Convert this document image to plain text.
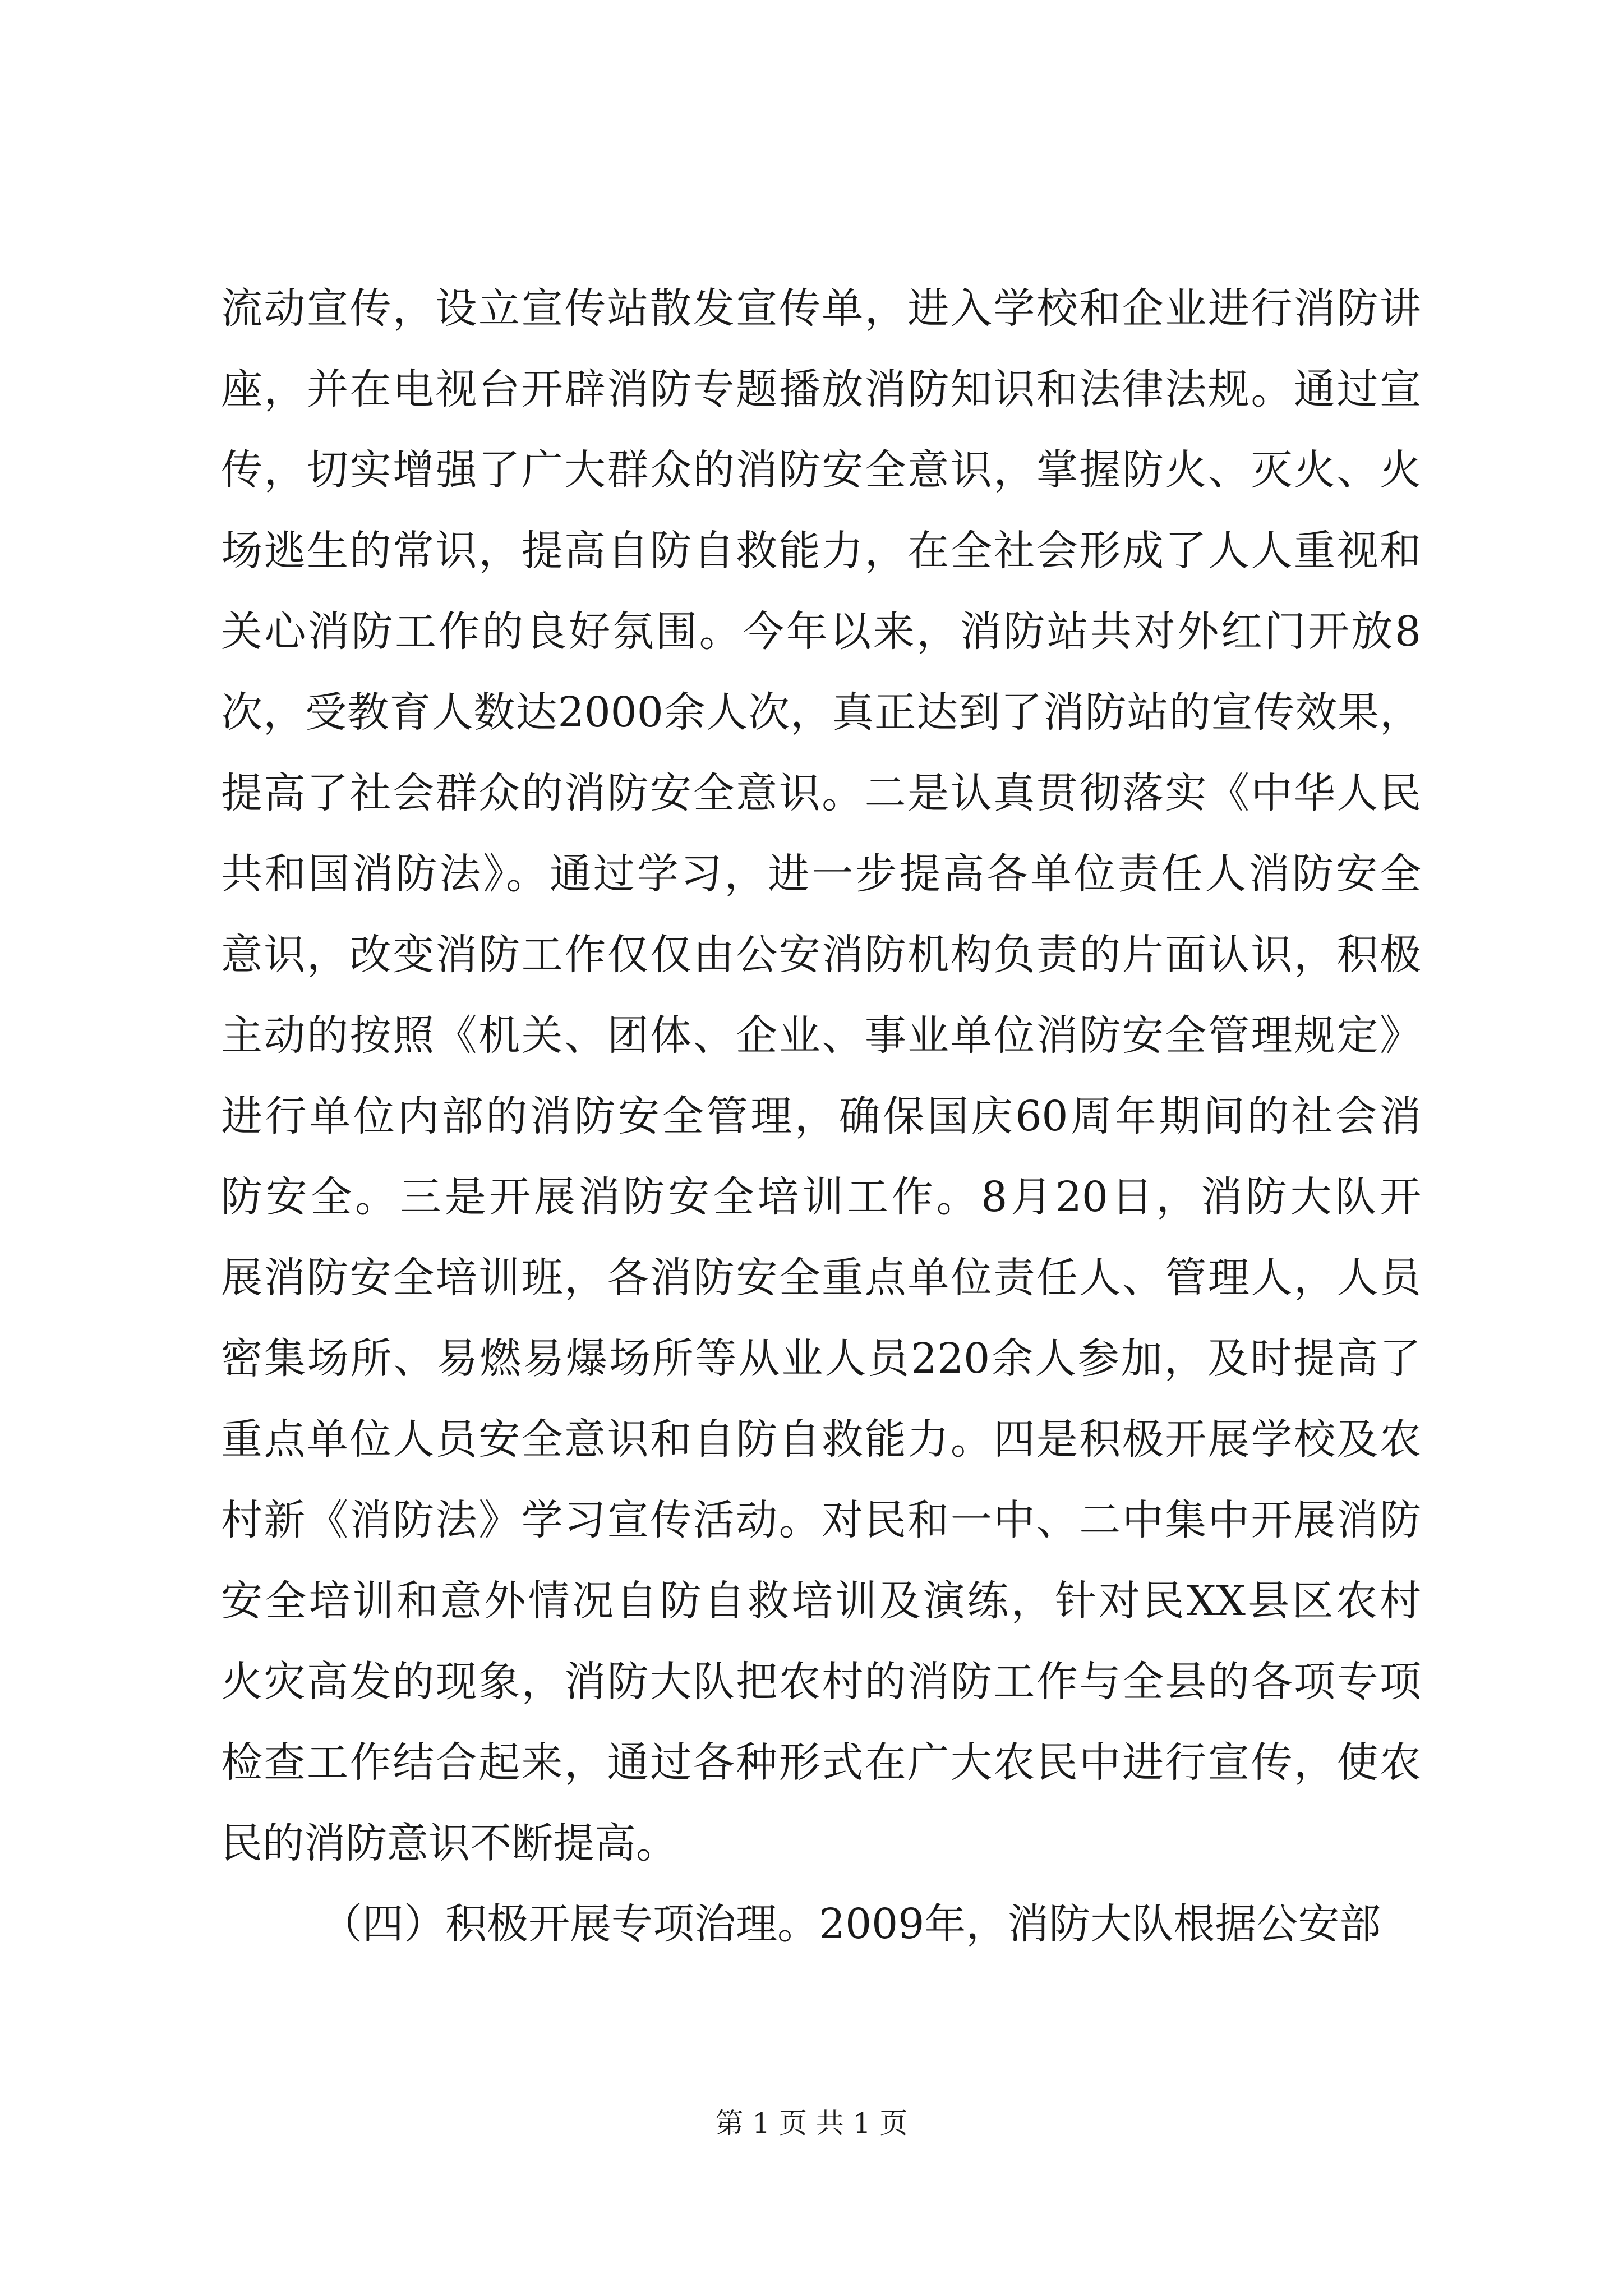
流动宣传，设立宣传站散发宣传单，进入学校和企业进行消防讲
座，并在电视台开辟消防专题播放消防知识和法律法规。通过宣
传，切实增强了广大群众的消防安全意识，掌握防火、灭火、火
场逃生的常识，提高自防自救能力，在全社会形成了人人重视和
关心消防工作的良好氛围。今年以来，消防站共对外红门开放8
次，受教育人数达2000余人次，真正达到了消防站的宣传效果，
提高了社会群众的消防安全意识。二是认真贯彻落实《中华人民
共和国消防法》。通过学习，进一步提高各单位责任人消防安全
意识，改变消防工作仅仅由公安消防机构负责的片面认识，积极
主动的按照《机关、团体、企业、事业单位消防安全管理规定》
进行单位内部的消防安全管理，确保国庆60周年期间的社会消
防安全。三是开展消防安全培训工作。8月20日，消防大队开
展消防安全培训班，各消防安全重点单位责任人、管理人，人员
密集场所、易燃易爆场所等从业人员220余人参加，及时提高了
重点单位人员安全意识和自防自救能力。四是积极开展学校及农
村新《消防法》学习宣传活动。对民和一中、二中集中开展消防
安全培训和意外情况自防自救培训及演练，针对民XX县区农村
火灾高发的现象，消防大队把农村的消防工作与全县的各项专项
检查工作结合起来，通过各种形式在广大农民中进行宣传，使农
民的消防意识不断提高。
（四）积极开展专项治理。2009年，消防大队根据公安部
第 1 页 共 1 页
